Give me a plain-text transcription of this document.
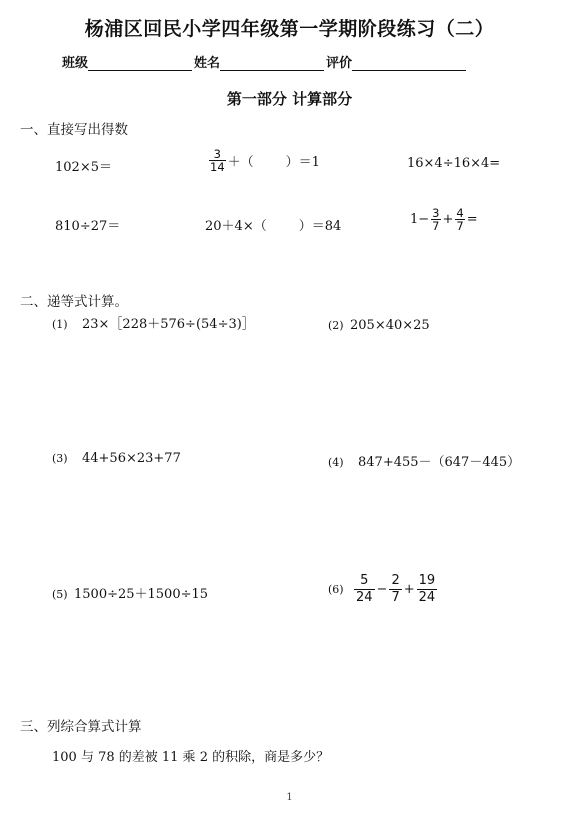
杨浦区回民小学四年级第一学期阶段练习（二）
班级	姓名	评价
第一部分 计算部分
一、直接写出得数
102×5＝	$\frac{3}{14}$ ＋（ ）＝1	16×4÷16×4=
810÷27＝	20＋4×（ ）＝84	$1- \frac{3}{7} + \frac{4}{7}$ =
二、递等式计算。
(1)	23×［228＋576÷(54÷3)］	(2) 205×40×25
(3)	44+56×23+77	(4)	847+455－（647－445）
(5) 1500÷25＋1500÷15	$(6) \frac{5}{24} - \frac{2}{7} + \frac{19}{24}$
三、列综合算式计算
100 与 78 的差被 11 乘 2 的积除，商是多少？
1
